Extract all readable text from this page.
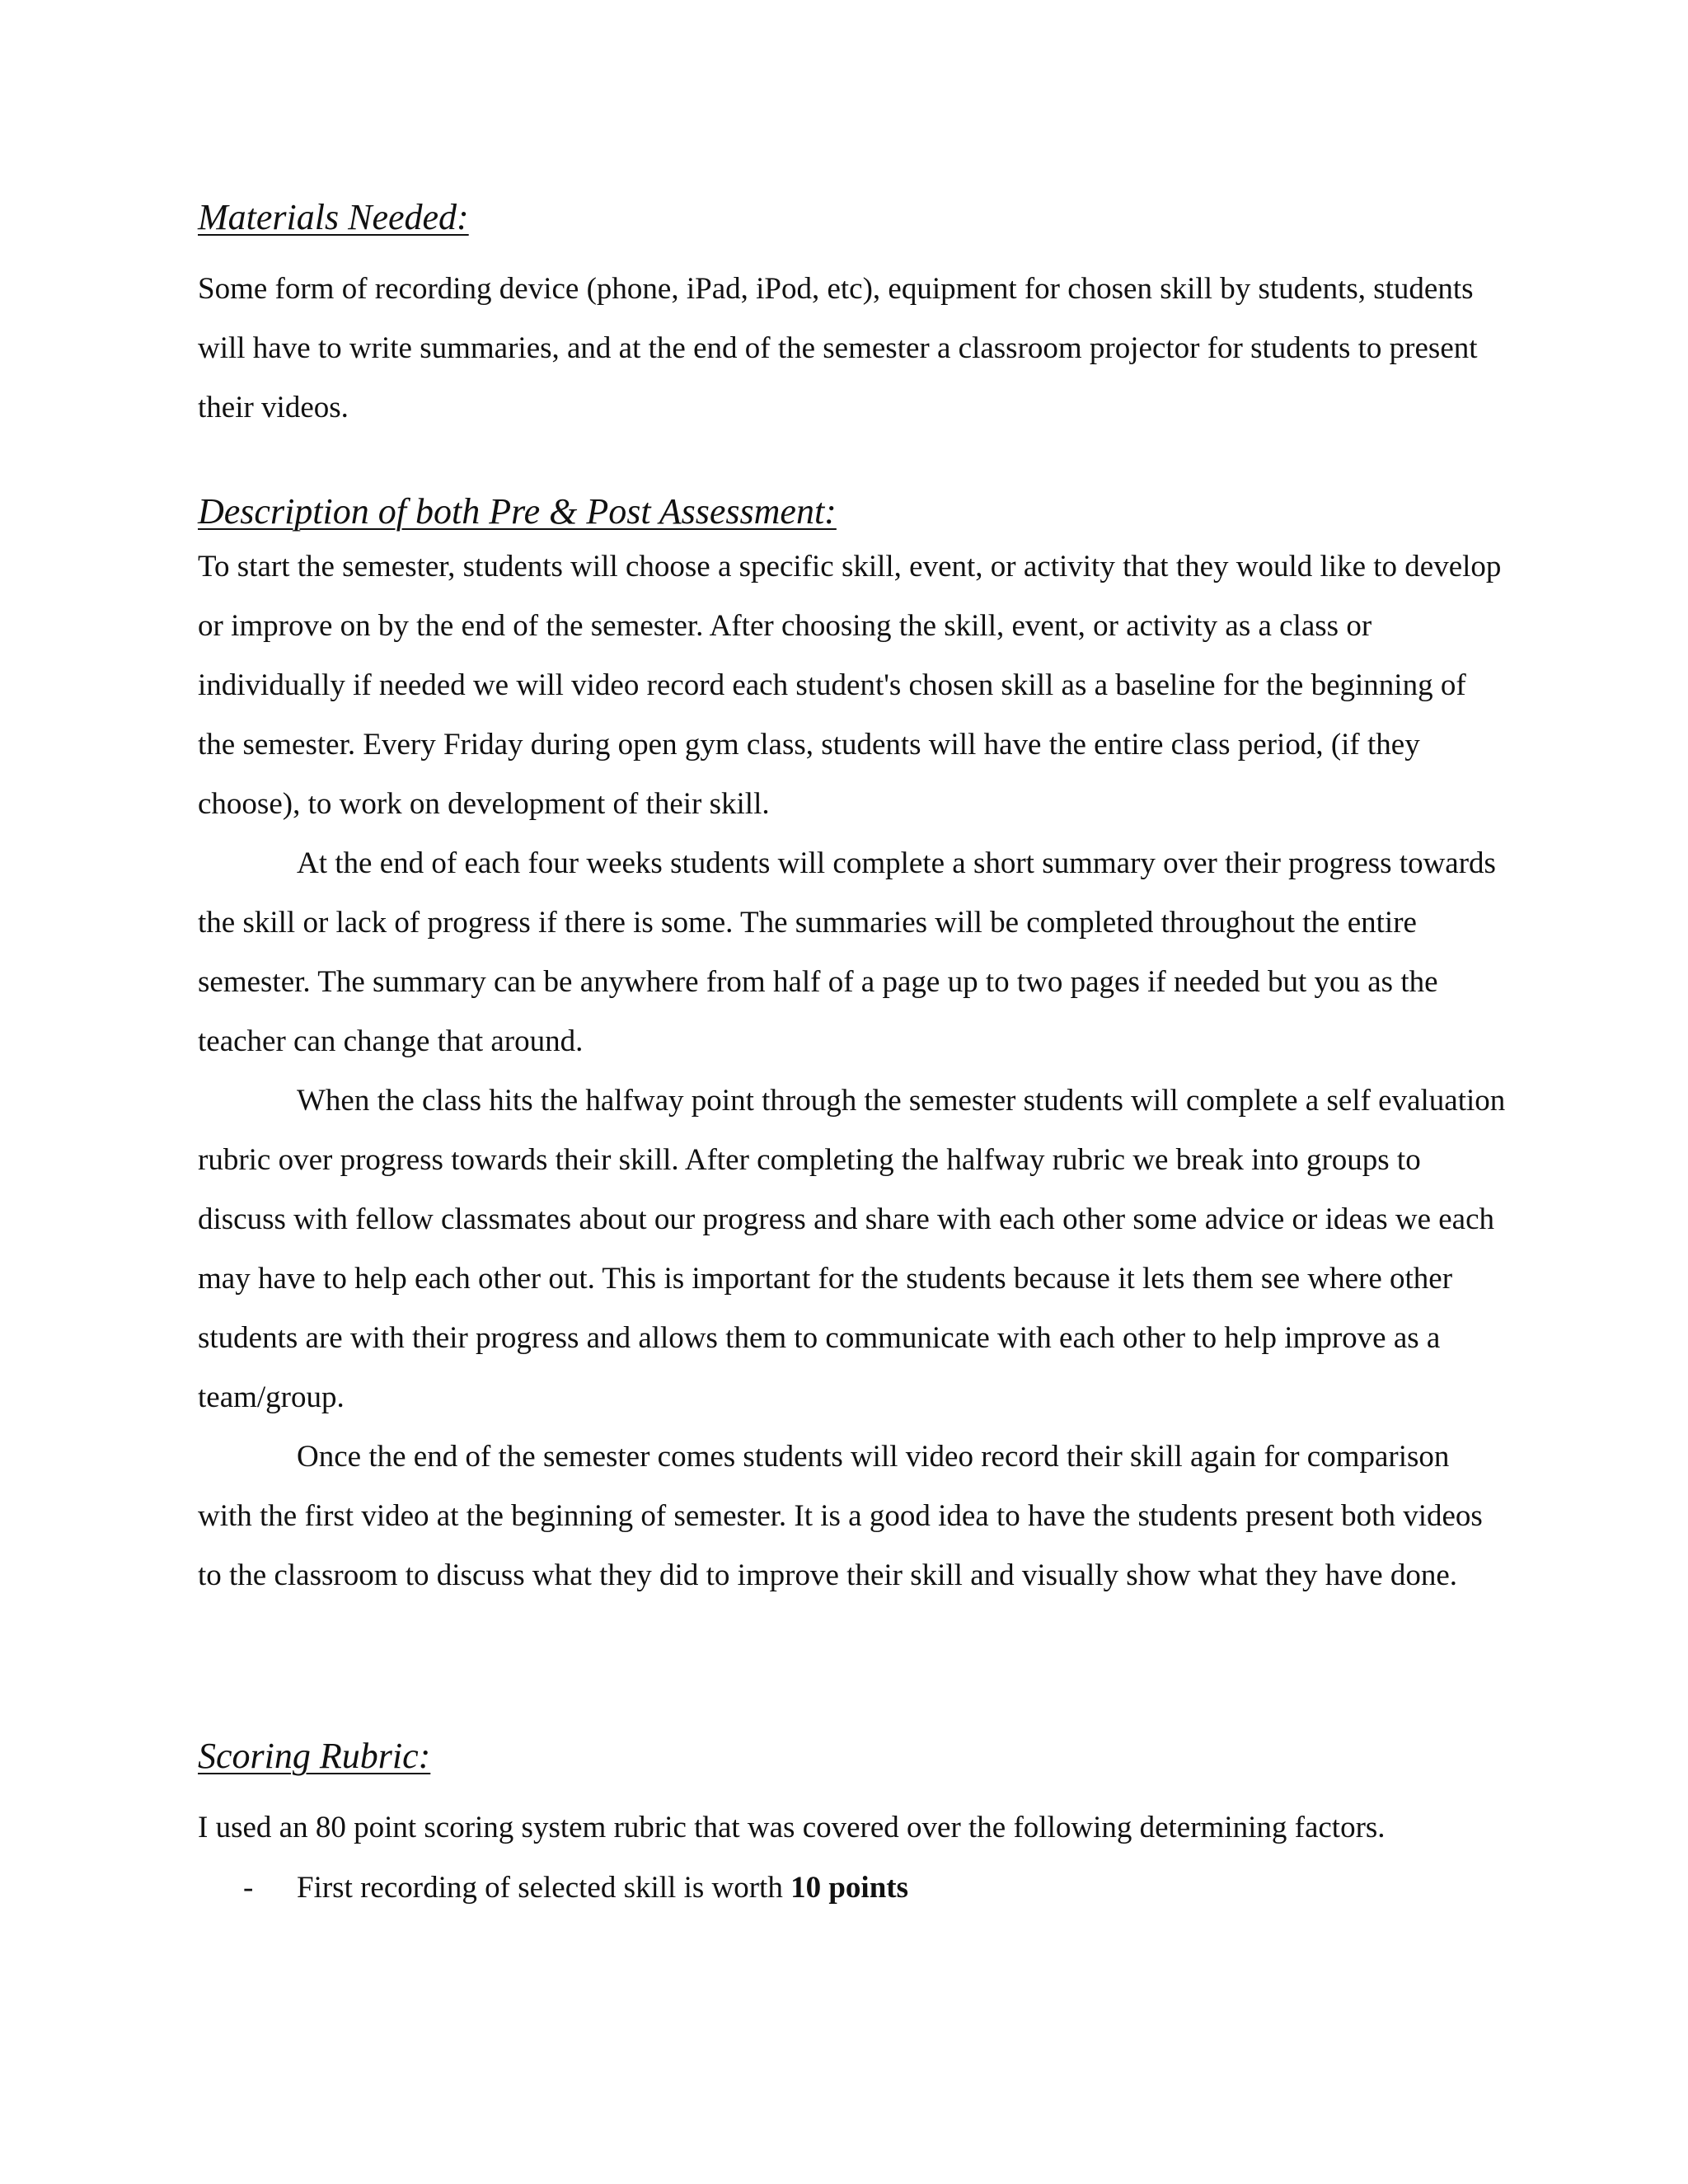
Materials Needed:

Some form of recording device (phone, iPad, iPod, etc), equipment for chosen skill by students, students will have to write summaries, and at the end of the semester a classroom projector for students to present their videos.

Description of both Pre & Post Assessment:

To start the semester, students will choose a specific skill, event, or activity that they would like to develop or improve on by the end of the semester. After choosing the skill, event, or activity as a class or individually if needed we will video record each student's chosen skill as a baseline for the beginning of the semester. Every Friday during open gym class, students will have the entire class period, (if they choose), to work on development of their skill.

At the end of each four weeks students will complete a short summary over their progress towards the skill or lack of progress if there is some. The summaries will be completed throughout the entire semester. The summary can be anywhere from half of a page up to two pages if needed but you as the teacher can change that around.

When the class hits the halfway point through the semester students will complete a self evaluation rubric over progress towards their skill. After completing the halfway rubric we break into groups to discuss with fellow classmates about our progress and share with each other some advice or ideas we each may have to help each other out. This is important for the students because it lets them see where other students are with their progress and allows them to communicate with each other to help improve as a team/group.

Once the end of the semester comes students will video record their skill again for comparison with the first video at the beginning of semester. It is a good idea to have the students present both videos to the classroom to discuss what they did to improve their skill and visually show what they have done.

Scoring Rubric:

I used an 80 point scoring system rubric that was covered over the following determining factors.

- First recording of selected skill is worth 10 points
